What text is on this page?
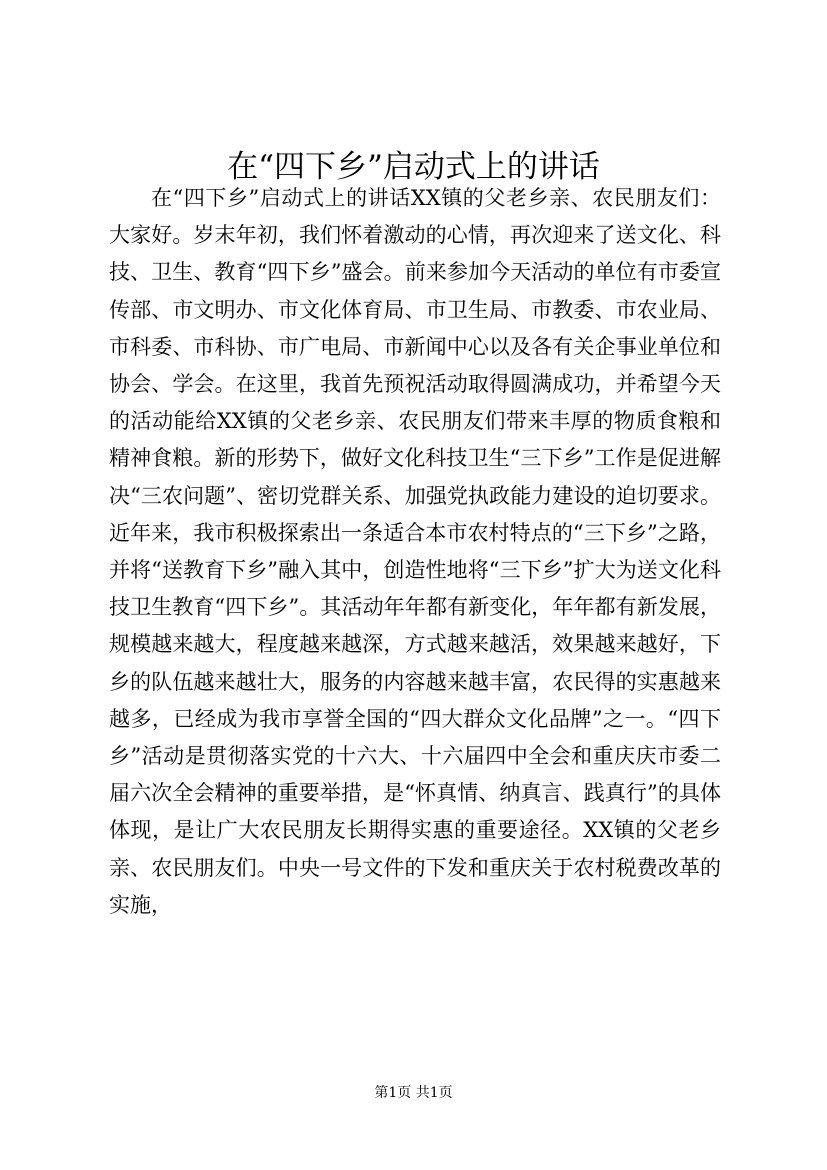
在“四下乡”启动式上的讲话

在“四下乡”启动式上的讲话XX镇的父老乡亲、农民朋友们：大家好。岁末年初，我们怀着激动的心情，再次迎来了送文化、科技、卫生、教育“四下乡”盛会。前来参加今天活动的单位有市委宣传部、市文明办、市文化体育局、市卫生局、市教委、市农业局、市科委、市科协、市广电局、市新闻中心以及各有关企事业单位和协会、学会。在这里，我首先预祝活动取得圆满成功，并希望今天的活动能给XX镇的父老乡亲、农民朋友们带来丰厚的物质食粮和精神食粮。新的形势下，做好文化科技卫生“三下乡”工作是促进解决“三农问题”、密切党群关系、加强党执政能力建设的迫切要求。近年来，我市积极探索出一条适合本市农村特点的“三下乡”之路，并将“送教育下乡”融入其中，创造性地将“三下乡”扩大为送文化科技卫生教育“四下乡”。其活动年年都有新变化，年年都有新发展，规模越来越大，程度越来越深，方式越来越活，效果越来越好，下乡的队伍越来越壮大，服务的内容越来越丰富，农民得的实惠越来越多，已经成为我市享誉全国的“四大群众文化品牌”之一。“四下乡”活动是贯彻落实党的十六大、十六届四中全会和重庆庆市委二届六次全会精神的重要举措，是“怀真情、纳真言、践真行”的具体体现，是让广大农民朋友长期得实惠的重要途径。XX镇的父老乡亲、农民朋友们。中央一号文件的下发和重庆关于农村税费改革的实施，

第1页 共1页
